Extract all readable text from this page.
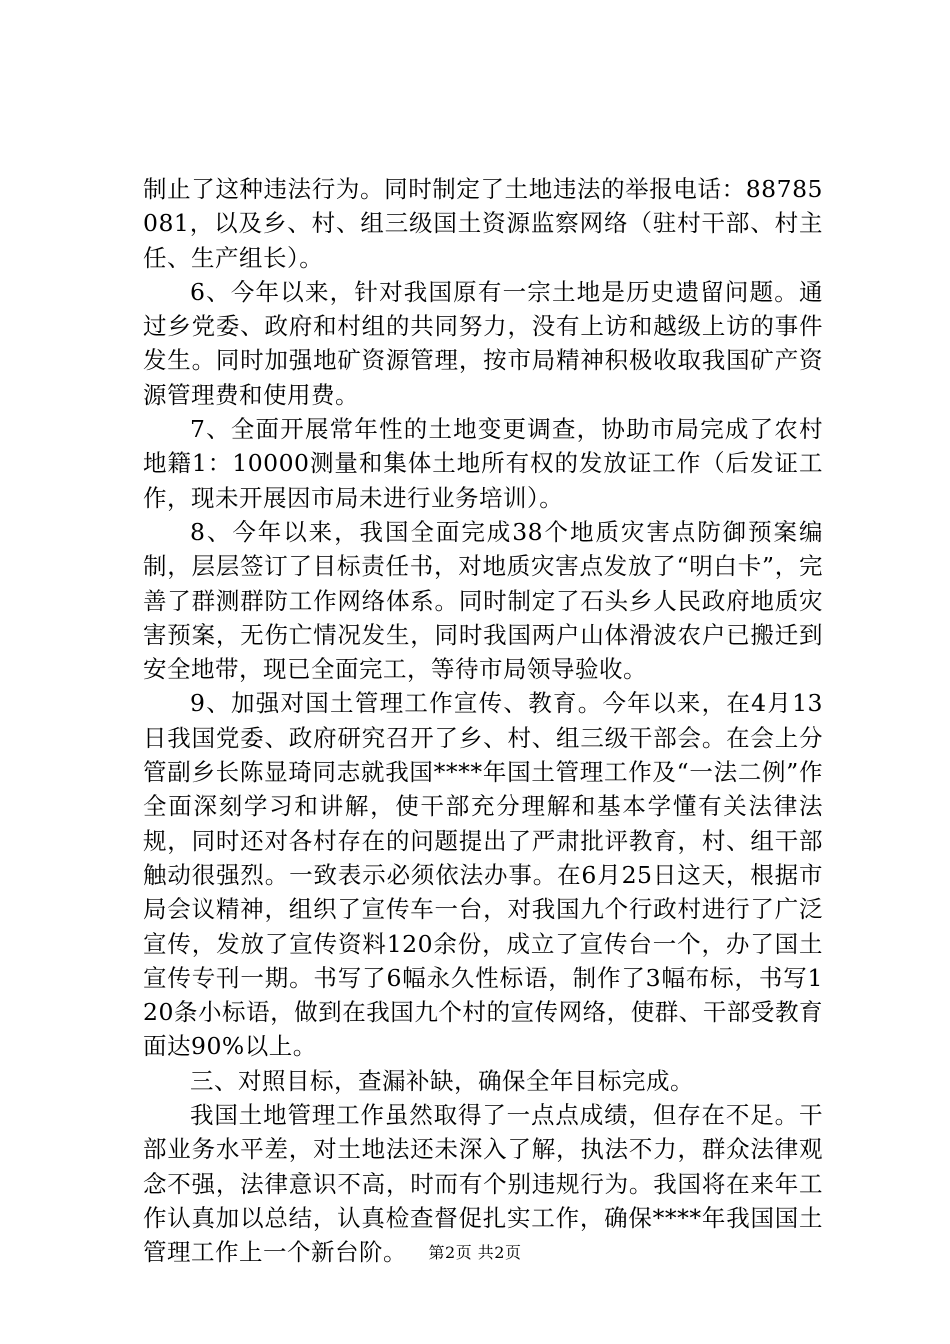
制止了这种违法行为。同时制定了土地违法的举报电话：88785081，以及乡、村、组三级国土资源监察网络（驻村干部、村主任、生产组长）。

6、今年以来，针对我国原有一宗土地是历史遗留问题。通过乡党委、政府和村组的共同努力，没有上访和越级上访的事件发生。同时加强地矿资源管理，按市局精神积极收取我国矿产资源管理费和使用费。

7、全面开展常年性的土地变更调查，协助市局完成了农村地籍1：10000测量和集体土地所有权的发放证工作（后发证工作，现未开展因市局未进行业务培训）。

8、今年以来，我国全面完成38个地质灾害点防御预案编制，层层签订了目标责任书，对地质灾害点发放了“明白卡”，完善了群测群防工作网络体系。同时制定了石头乡人民政府地质灾害预案，无伤亡情况发生，同时我国两户山体滑波农户已搬迁到安全地带，现已全面完工，等待市局领导验收。

9、加强对国土管理工作宣传、教育。今年以来，在4月13日我国党委、政府研究召开了乡、村、组三级干部会。在会上分管副乡长陈显琦同志就我国****年国土管理工作及“一法二例”作全面深刻学习和讲解，使干部充分理解和基本学懂有关法律法规，同时还对各村存在的问题提出了严肃批评教育，村、组干部触动很强烈。一致表示必须依法办事。在6月25日这天，根据市局会议精神，组织了宣传车一台，对我国九个行政村进行了广泛宣传，发放了宣传资料120余份，成立了宣传台一个，办了国土宣传专刊一期。书写了6幅永久性标语，制作了3幅布标，书写120条小标语，做到在我国九个村的宣传网络，使群、干部受教育面达90%以上。

三、对照目标，查漏补缺，确保全年目标完成。

我国土地管理工作虽然取得了一点点成绩，但存在不足。干部业务水平差，对土地法还未深入了解，执法不力，群众法律观念不强，法律意识不高，时而有个别违规行为。我国将在来年工作认真加以总结，认真检查督促扎实工作，确保****年我国国土管理工作上一个新台阶。	第2页 共2页
